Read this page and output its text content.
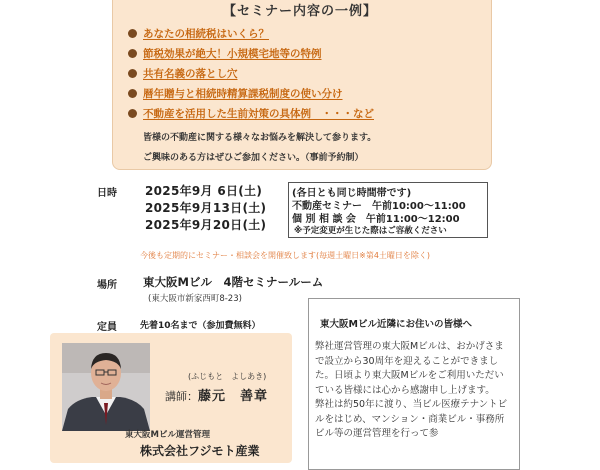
【セミナー内容の一例】
あなたの相続税はいくら？
節税効果が絶大！小規模宅地等の特例
共有名義の落とし穴
暦年贈与と相続時精算課税制度の使い分け
不動産を活用した生前対策の具体例　・・・など
皆様の不動産に関する様々なお悩みを解決して参ります。
ご興味のある方はぜひご参加ください。（事前予約制）
日時 2025年9月 6日(土)
2025年9月13日(土)
2025年9月20日(土)
(各日とも同じ時間帯です)
不動産セミナー　午前10:00～11:00
個 別 相 談 会　午前11:00～12:00
※予定変更が生じた際はご容赦ください
今後も定期的にセミナー・相談会を開催致します(毎週土曜日※第4土曜日を除く)
場所 東大阪Mビル　4階セミナールーム
(東大阪市新家西町8-23)
定員	先着10名まで（参加費無料）
(ふじもと　よしあき)
講師：藤元　善章
東大阪Mビル運営管理
株式会社フジモト産業
東大阪Mビル近隣にお住いの皆様へ

弊社運営管理の東大阪Mビルは、おかげさまで設立から30周年を迎えることができました。日頃より東大阪Mビルをご利用いただいている皆様には心から感謝申し上げます。

弊社は約50年に渡り、当ビル医療テナントビルをはじめ、マンション・商業ビル・事務所ビル等の運営管理を行って参
